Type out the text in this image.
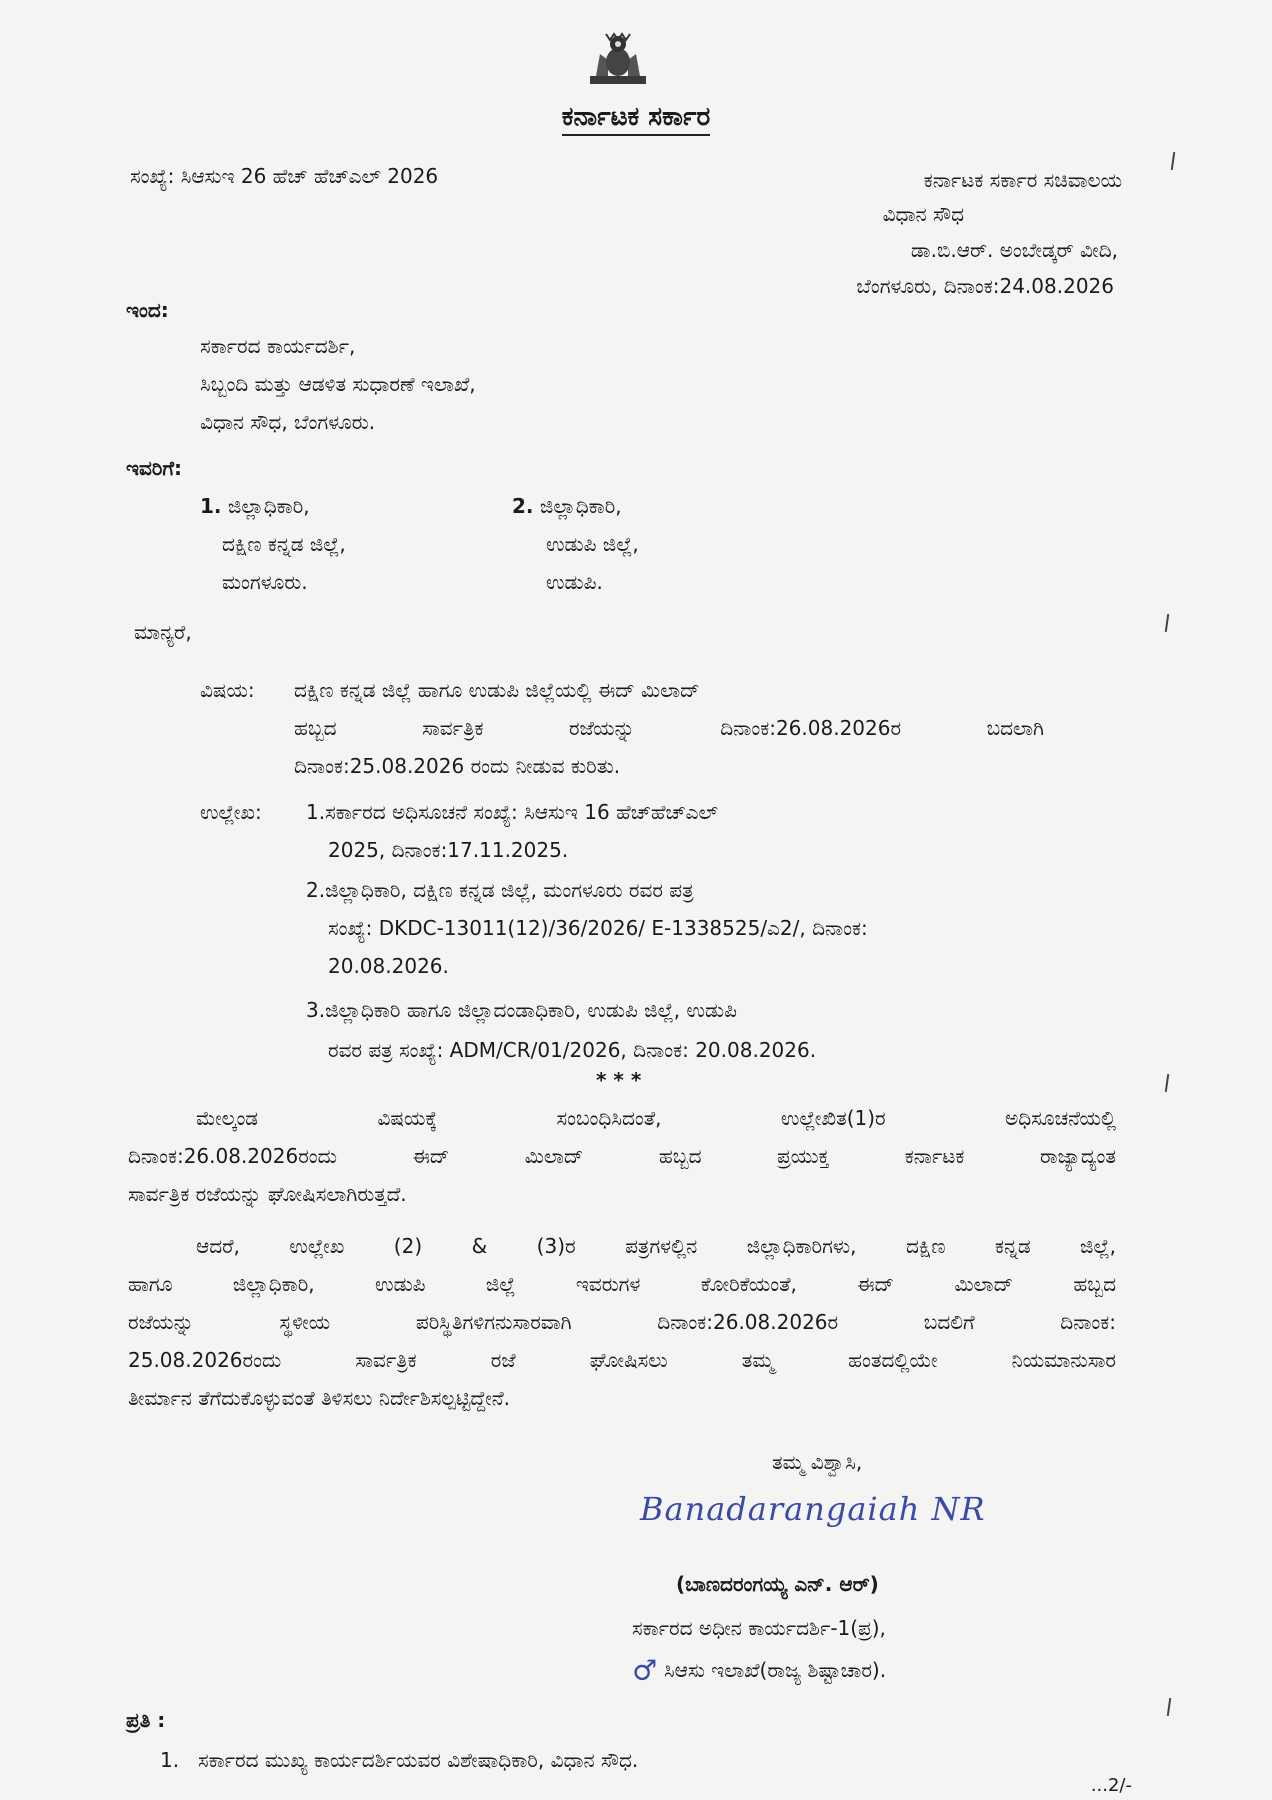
ಕರ್ನಾಟಕ ಸರ್ಕಾರ
ಸಂಖ್ಯೆ: ಸಿಆಸುಇ 26 ಹೆಚ್ ಹೆಚ್‌ಎಲ್ 2026	ಕರ್ನಾಟಕ ಸರ್ಕಾರ ಸಚಿವಾಲಯ
ವಿಧಾನ ಸೌಧ
ಡಾ.ಬಿ.ಆರ್. ಅಂಬೇಡ್ಕರ್ ವೀದಿ,
ಬೆಂಗಳೂರು, ದಿನಾಂಕ:24.08.2026
ಇಂದ:
ಸರ್ಕಾರದ ಕಾರ್ಯದರ್ಶಿ,
ಸಿಬ್ಬಂದಿ ಮತ್ತು ಆಡಳಿತ ಸುಧಾರಣೆ ಇಲಾಖೆ,
ವಿಧಾನ ಸೌಧ, ಬೆಂಗಳೂರು.
ಇವರಿಗೆ:
1. ಜಿಲ್ಲಾಧಿಕಾರಿ,
ದಕ್ಷಿಣ ಕನ್ನಡ ಜಿಲ್ಲೆ,
ಮಂಗಳೂರು.
2. ಜಿಲ್ಲಾಧಿಕಾರಿ,
ಉಡುಪಿ ಜಿಲ್ಲೆ,
ಉಡುಪಿ.
ಮಾನ್ಯರೆ,
ವಿಷಯ: ದಕ್ಷಿಣ ಕನ್ನಡ ಜಿಲ್ಲೆ ಹಾಗೂ ಉಡುಪಿ ಜಿಲ್ಲೆಯಲ್ಲಿ ಈದ್ ಮಿಲಾದ್
ಹಬ್ಬದ ಸಾರ್ವತ್ರಿಕ ರಜೆಯನ್ನು ದಿನಾಂಕ:26.08.2026ರ ಬದಲಾಗಿ
ದಿನಾಂಕ:25.08.2026 ರಂದು ನೀಡುವ ಕುರಿತು.
ಉಲ್ಲೇಖ: 1.ಸರ್ಕಾರದ ಅಧಿಸೂಚನೆ ಸಂಖ್ಯೆ: ಸಿಆಸುಇ 16 ಹೆಚ್‌ಹೆಚ್‌ಎಲ್
2025, ದಿನಾಂಕ:17.11.2025.
2.ಜಿಲ್ಲಾಧಿಕಾರಿ, ದಕ್ಷಿಣ ಕನ್ನಡ ಜಿಲ್ಲೆ, ಮಂಗಳೂರು ರವರ ಪತ್ರ
ಸಂಖ್ಯೆ: DKDC-13011(12)/36/2026/ E-1338525/ಎ2/, ದಿನಾಂಕ:
20.08.2026.
3.ಜಿಲ್ಲಾಧಿಕಾರಿ ಹಾಗೂ ಜಿಲ್ಲಾದಂಡಾಧಿಕಾರಿ, ಉಡುಪಿ ಜಿಲ್ಲೆ, ಉಡುಪಿ
ರವರ ಪತ್ರ ಸಂಖ್ಯೆ: ADM/CR/01/2026, ದಿನಾಂಕ: 20.08.2026.
* * *
ಮೇಲ್ಕಂಡ ವಿಷಯಕ್ಕೆ ಸಂಬಂಧಿಸಿದಂತೆ, ಉಲ್ಲೇಖಿತ(1)ರ ಅಧಿಸೂಚನೆಯಲ್ಲಿ
ದಿನಾಂಕ:26.08.2026ರಂದು ಈದ್ ಮಿಲಾದ್ ಹಬ್ಬದ ಪ್ರಯುಕ್ತ ಕರ್ನಾಟಕ ರಾಜ್ಯಾದ್ಯಂತ
ಸಾರ್ವತ್ರಿಕ ರಜೆಯನ್ನು ಘೋಷಿಸಲಾಗಿರುತ್ತದೆ.
ಆದರೆ, ಉಲ್ಲೇಖ (2) & (3)ರ ಪತ್ರಗಳಲ್ಲಿನ ಜಿಲ್ಲಾಧಿಕಾರಿಗಳು, ದಕ್ಷಿಣ ಕನ್ನಡ ಜಿಲ್ಲೆ,
ಹಾಗೂ ಜಿಲ್ಲಾಧಿಕಾರಿ, ಉಡುಪಿ ಜಿಲ್ಲೆ ಇವರುಗಳ ಕೋರಿಕೆಯಂತೆ, ಈದ್ ಮಿಲಾದ್ ಹಬ್ಬದ
ರಜೆಯನ್ನು ಸ್ಥಳೀಯ ಪರಿಸ್ಥಿತಿಗಳಿಗನುಸಾರವಾಗಿ ದಿನಾಂಕ:26.08.2026ರ ಬದಲಿಗೆ ದಿನಾಂಕ:
25.08.2026ರಂದು ಸಾರ್ವತ್ರಿಕ ರಜೆ ಘೋಷಿಸಲು ತಮ್ಮ ಹಂತದಲ್ಲಿಯೇ ನಿಯಮಾನುಸಾರ
ತೀರ್ಮಾನ ತೆಗೆದುಕೊಳ್ಳುವಂತೆ ತಿಳಿಸಲು ನಿರ್ದೇಶಿಸಲ್ಪಟ್ಟಿದ್ದೇನೆ.
ತಮ್ಮ ವಿಶ್ವಾಸಿ,
Banadarangaiah NR
(ಬಾಣದರಂಗಯ್ಯ ಎನ್. ಆರ್)
ಸರ್ಕಾರದ ಅಧೀನ ಕಾರ್ಯದರ್ಶಿ-1(ಪ್ರ),
♂ ಸಿಆಸು ಇಲಾಖೆ(ರಾಜ್ಯ ಶಿಷ್ಟಾಚಾರ).
ಪ್ರತಿ :
1. ಸರ್ಕಾರದ ಮುಖ್ಯ ಕಾರ್ಯದರ್ಶಿಯವರ ವಿಶೇಷಾಧಿಕಾರಿ, ವಿಧಾನ ಸೌಧ.
...2/-
